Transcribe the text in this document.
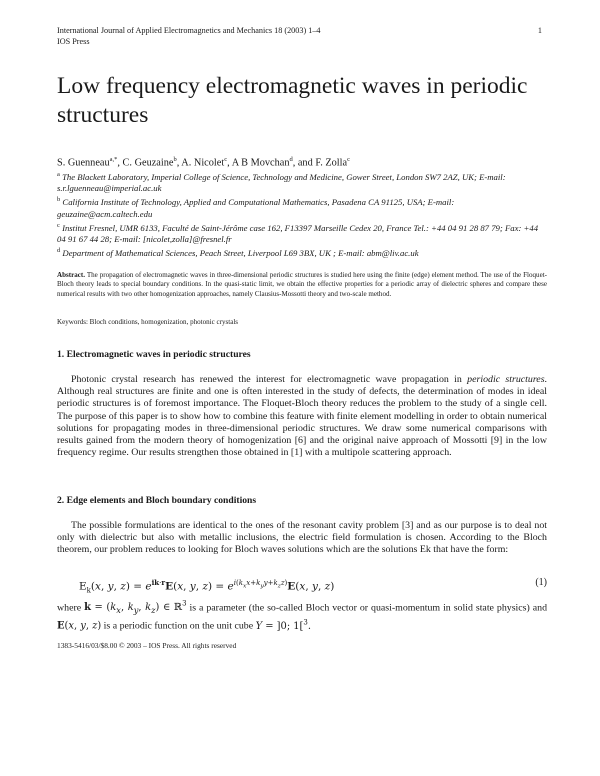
International Journal of Applied Electromagnetics and Mechanics 18 (2003) 1–4
IOS Press
1
Low frequency electromagnetic waves in periodic structures
S. Guenneau$^{a,*}$, C. Geuzaine$^b$, A. Nicolet$^c$, A B Movchan$^d$, and F. Zolla$^c$
$^a$ The Blackett Laboratory, Imperial College of Science, Technology and Medicine, Gower Street, London SW7 2AZ, UK; E-mail: s.r.lguenneau@imperial.ac.uk
$^b$ California Institute of Technology, Applied and Computational Mathematics, Pasadena CA 91125, USA; E-mail: geuzaine@acm.caltech.edu
$^c$ Institut Fresnel, UMR 6133, Faculté de Saint-Jérôme case 162, F13397 Marseille Cedex 20, France Tel.: +44 04 91 28 87 79; Fax: +44 04 91 67 44 28; E-mail: [nicolet,zolla]@fresnel.fr
$^d$ Department of Mathematical Sciences, Peach Street, Liverpool L69 3BX, UK ; E-mail: abm@liv.ac.uk
Abstract. The propagation of electromagnetic waves in three-dimensional periodic structures is studied here using the finite (edge) element method. The use of the Floquet-Bloch theory leads to special boundary conditions. In the quasi-static limit, we obtain the effective properties for a periodic array of dielectric spheres and compare these numerical results with two other homogenization approaches, namely Clausius-Mossotti theory and two-scale method.
Keywords: Bloch conditions, homogenization, photonic crystals
1. Electromagnetic waves in periodic structures
Photonic crystal research has renewed the interest for electromagnetic wave propagation in periodic structures. Although real structures are finite and one is often interested in the study of defects, the determination of modes in ideal periodic structures is of foremost importance. The Floquet-Bloch theory reduces the problem to the study of a single cell. The purpose of this paper is to show how to combine this feature with finite element modelling in order to obtain numerical solutions for propagating modes in three-dimensional periodic structures. We draw some numerical comparisons with results gained from the modern theory of homogenization [6] and the original naive approach of Mossotti [9] in the low frequency regime. Our results strengthen those obtained in [1] with a multipole scattering approach.
2. Edge elements and Bloch boundary conditions
The possible formulations are identical to the ones of the resonant cavity problem [3] and as our purpose is to deal not only with dielectric but also with metallic inclusions, the electric field formulation is chosen. According to the Bloch theorem, our problem reduces to looking for Bloch waves solutions which are the solutions Ek that have the form:
$E_k(x$, y, $z) = e^{ik\cdot r}E(x$, y, $z) = e^{i(k_xx+k_yy+k_zz)}E(x$, y, z)	(1)
where $k = (k_x$, $k_y$, $k_z$) ∈ ℝ$^3$ is a parameter (the so-called Bloch vector or quasi-momentum in solid state physics) and E(x, y, z) is a periodic function on the unit cube Y = ]0; 1[$^3$.
1383-5416/03/$8.00 © 2003 – IOS Press. All rights reserved
